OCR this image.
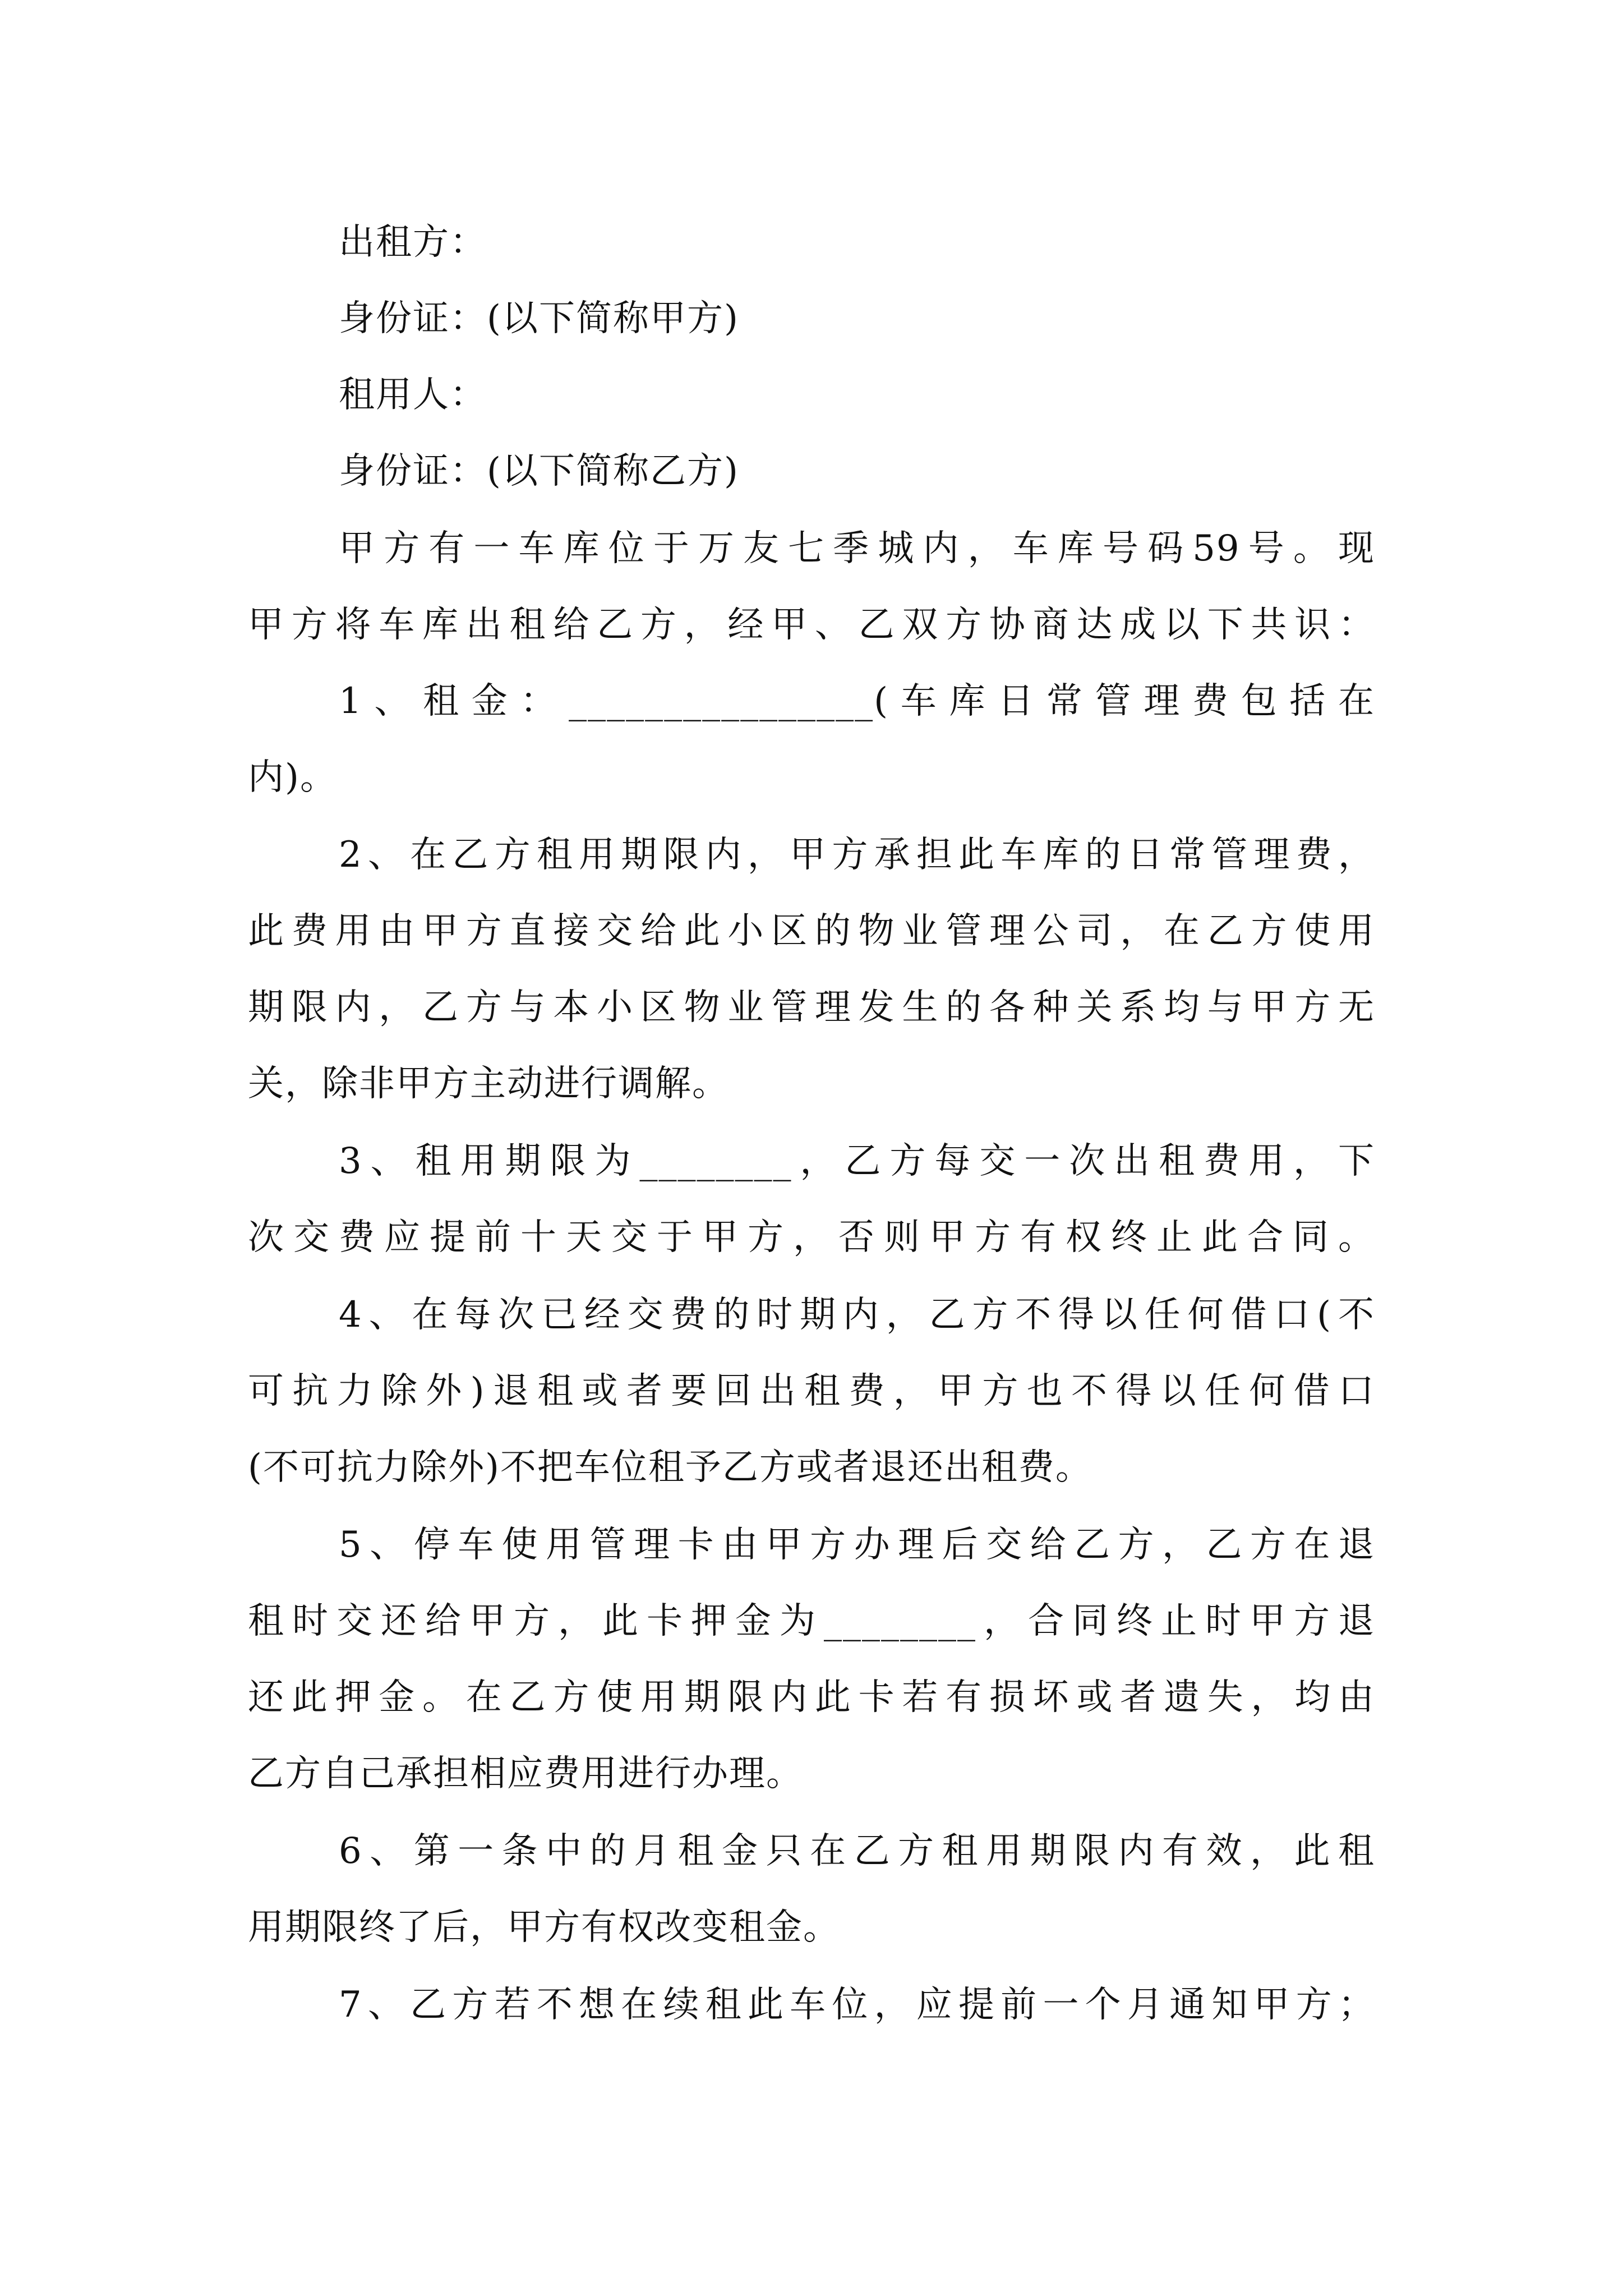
出租方：
身份证：(以下简称甲方)
租用人：
身份证：(以下简称乙方)
甲方有一车库位于万友七季城内，车库号码59号。现
甲方将车库出租给乙方，经甲、乙双方协商达成以下共识：
1、租金：________________(车库日常管理费包括在
内)。
2、在乙方租用期限内，甲方承担此车库的日常管理费，
此费用由甲方直接交给此小区的物业管理公司，在乙方使用
期限内，乙方与本小区物业管理发生的各种关系均与甲方无
关，除非甲方主动进行调解。
3、租用期限为________，乙方每交一次出租费用，下
次交费应提前十天交于甲方，否则甲方有权终止此合同。
4、在每次已经交费的时期内，乙方不得以任何借口(不
可抗力除外)退租或者要回出租费，甲方也不得以任何借口
(不可抗力除外)不把车位租予乙方或者退还出租费。
5、停车使用管理卡由甲方办理后交给乙方，乙方在退
租时交还给甲方，此卡押金为________，合同终止时甲方退
还此押金。在乙方使用期限内此卡若有损坏或者遗失，均由
乙方自己承担相应费用进行办理。
6、第一条中的月租金只在乙方租用期限内有效，此租
用期限终了后，甲方有权改变租金。
7、乙方若不想在续租此车位，应提前一个月通知甲方；
